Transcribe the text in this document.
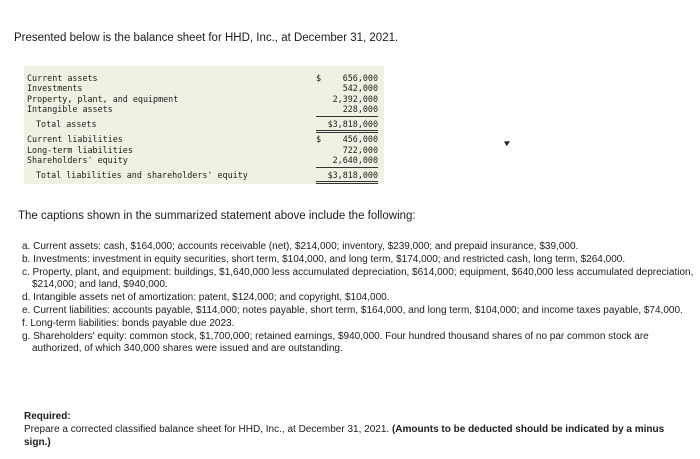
Presented below is the balance sheet for HHD, Inc., at December 31, 2021.
Current assets	$	656,000
Investments	542,000
Property, plant, and equipment	2,392,000
Intangible assets	228,000
Total assets	$3,818,000
Current liabilities	$	456,000
Long-term liabilities	722,000
Shareholders' equity	2,640,000
Total liabilities and shareholders' equity	$3,818,000
►
The captions shown in the summarized statement above include the following:
a. Current assets: cash, $164,000; accounts receivable (net), $214,000; inventory, $239,000; and prepaid insurance, $39,000.
b. Investments: investment in equity securities, short term, $104,000, and long term, $174,000; and restricted cash, long term, $264,000.
c. Property, plant, and equipment: buildings, $1,640,000 less accumulated depreciation, $614,000; equipment, $640,000 less accumulated depreciation, $214,000; and land, $940,000.
d. Intangible assets net of amortization: patent, $124,000; and copyright, $104,000.
e. Current liabilities: accounts payable, $114,000; notes payable, short term, $164,000, and long term, $104,000; and income taxes payable, $74,000.
f. Long-term liabilities: bonds payable due 2023.
g. Shareholders' equity: common stock, $1,700,000; retained earnings, $940,000. Four hundred thousand shares of no par common stock are authorized, of which 340,000 shares were issued and are outstanding.
Required:
Prepare a corrected classified balance sheet for HHD, Inc., at December 31, 2021. (Amounts to be deducted should be indicated by a minus sign.)
